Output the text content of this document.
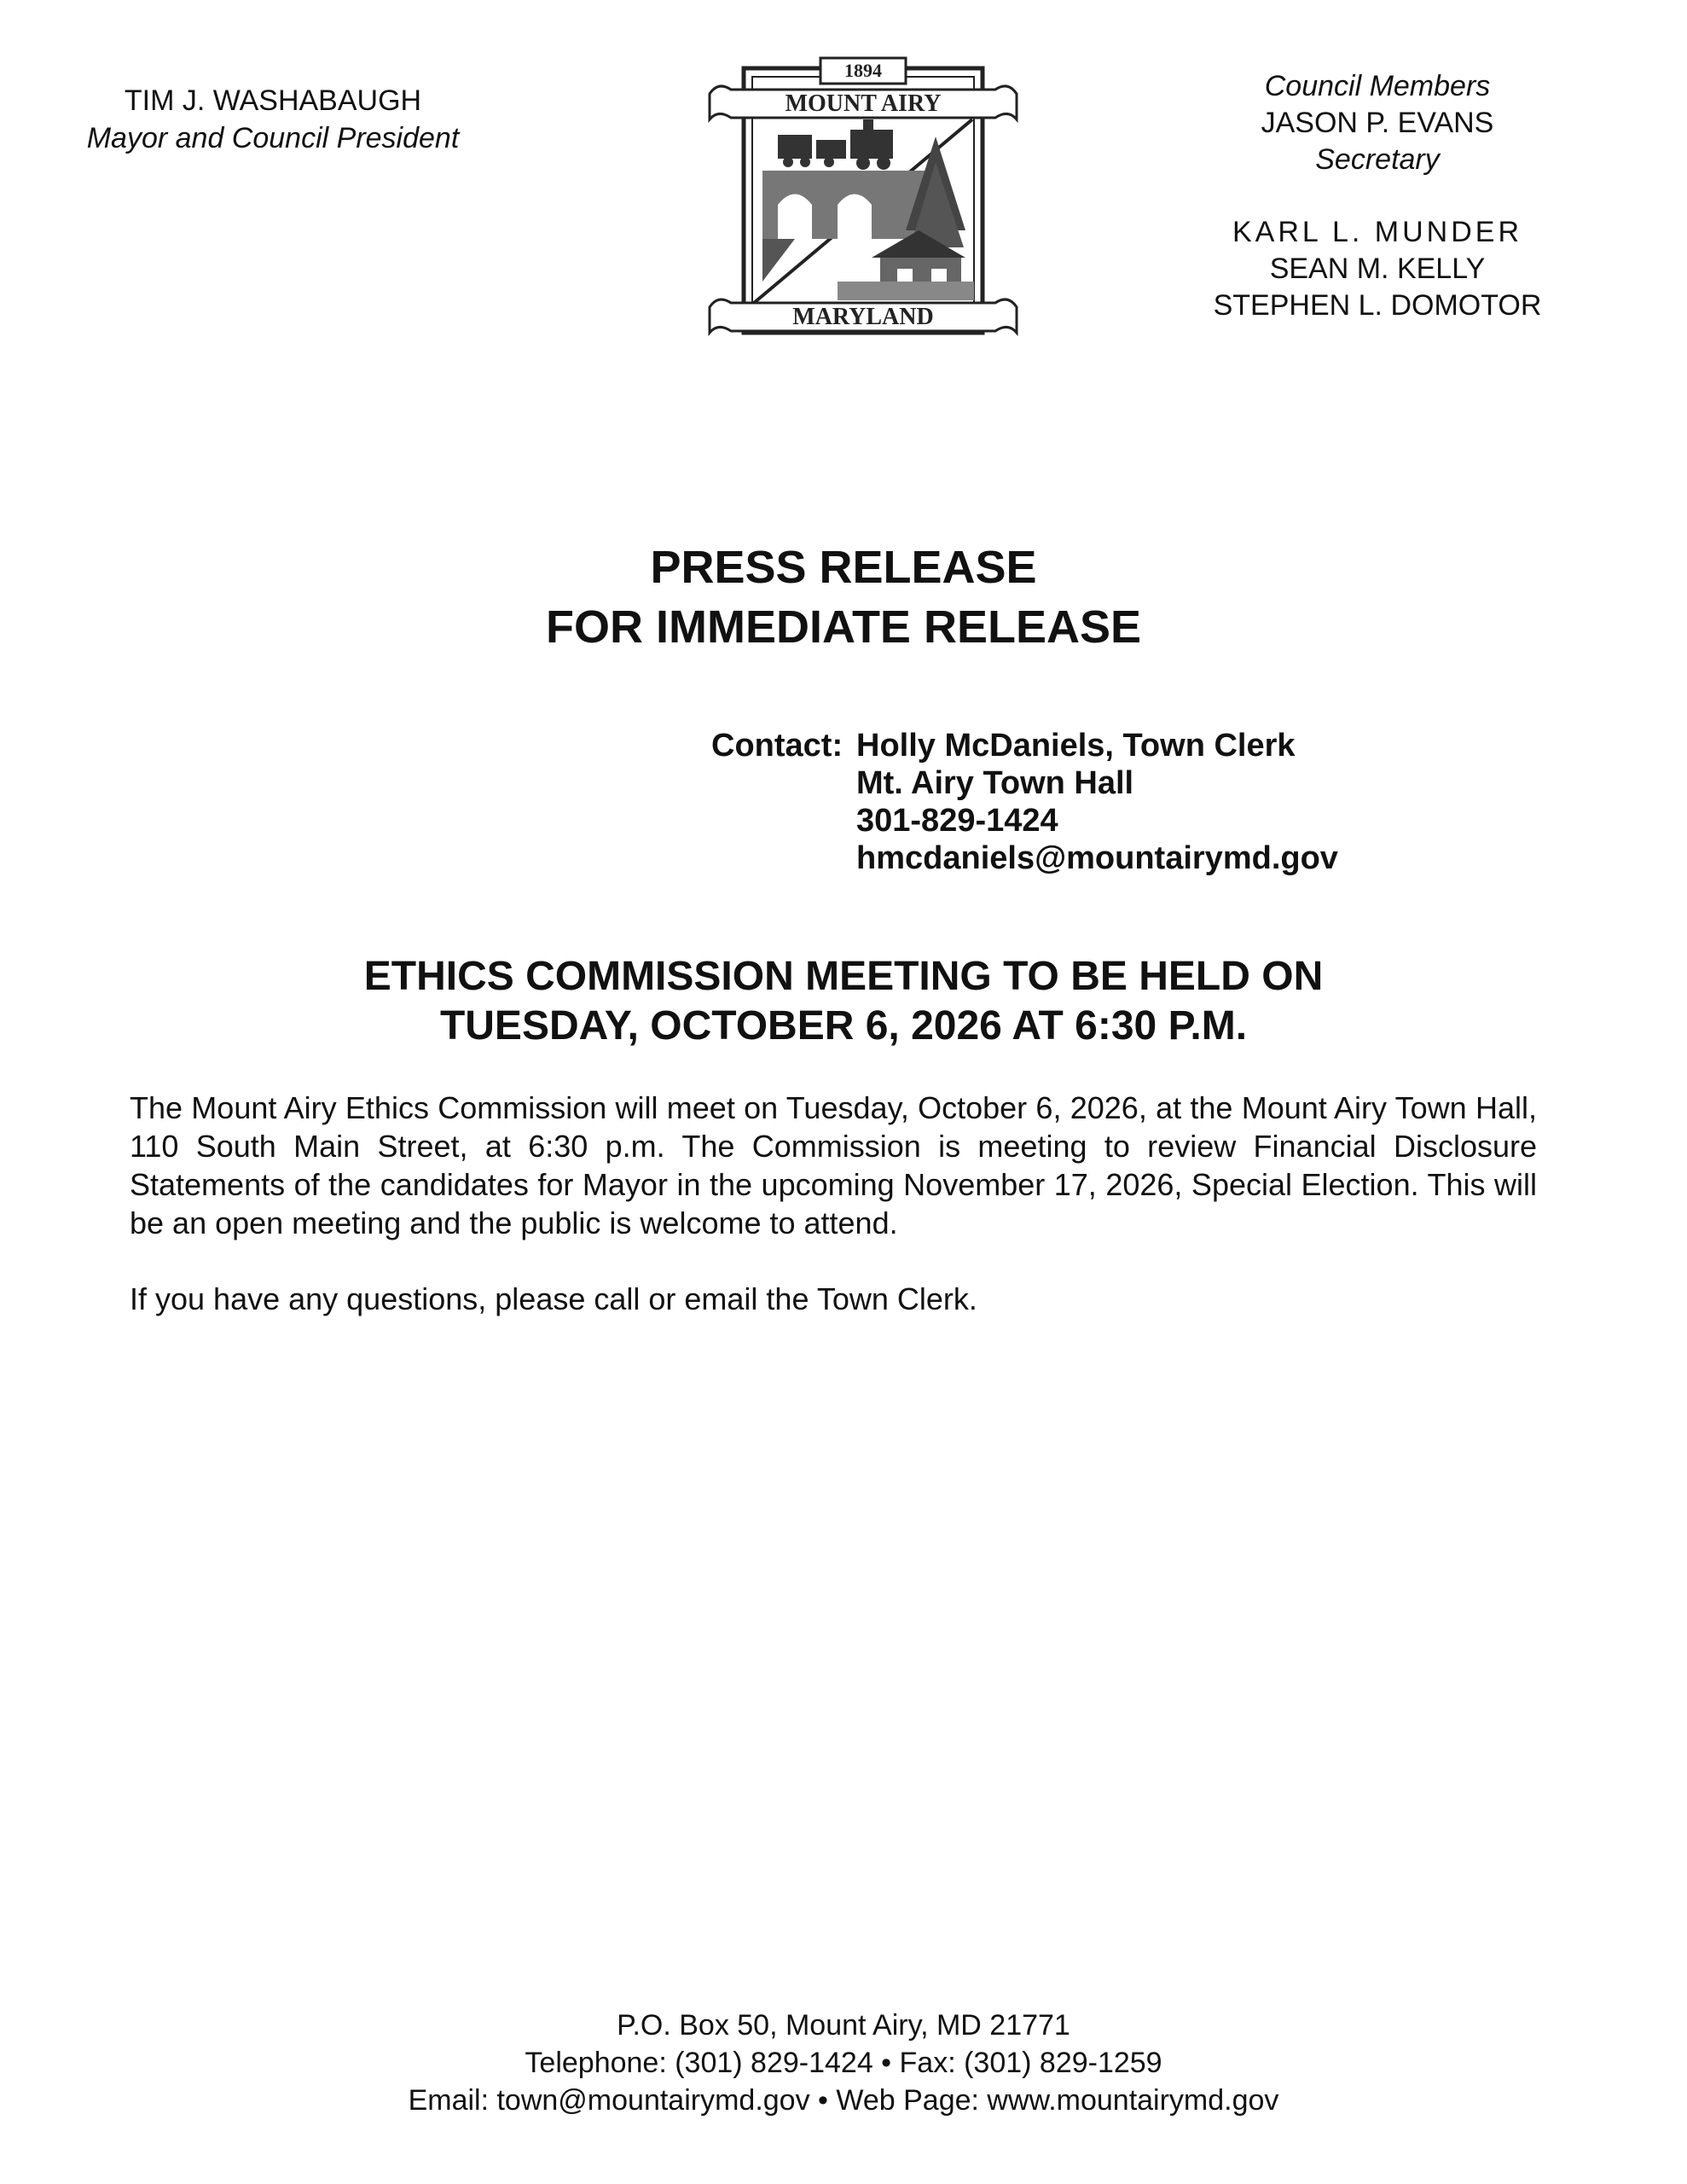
TIM J. WASHABAUGH
Mayor and Council President
1894
MOUNT AIRY
MARYLAND
Council Members
JASON P. EVANS
Secretary
KARL L. MUNDER
SEAN M. KELLY
STEPHEN L. DOMOTOR
PRESS RELEASE
FOR IMMEDIATE RELEASE
Contact: Holly McDaniels, Town Clerk
Mt. Airy Town Hall
301-829-1424
hmcdaniels@mountairymd.gov
ETHICS COMMISSION MEETING TO BE HELD ON
TUESDAY, OCTOBER 6, 2026 AT 6:30 P.M.

The Mount Airy Ethics Commission will meet on Tuesday, October 6, 2026, at the Mount Airy Town Hall, 110 South Main Street, at 6:30 p.m. The Commission is meeting to review Financial Disclosure Statements of the candidates for Mayor in the upcoming November 17, 2026, Special Election. This will be an open meeting and the public is welcome to attend.

If you have any questions, please call or email the Town Clerk.

P.O. Box 50, Mount Airy, MD 21771
Telephone: (301) 829-1424 • Fax: (301) 829-1259
Email: town@mountairymd.gov • Web Page: www.mountairymd.gov
